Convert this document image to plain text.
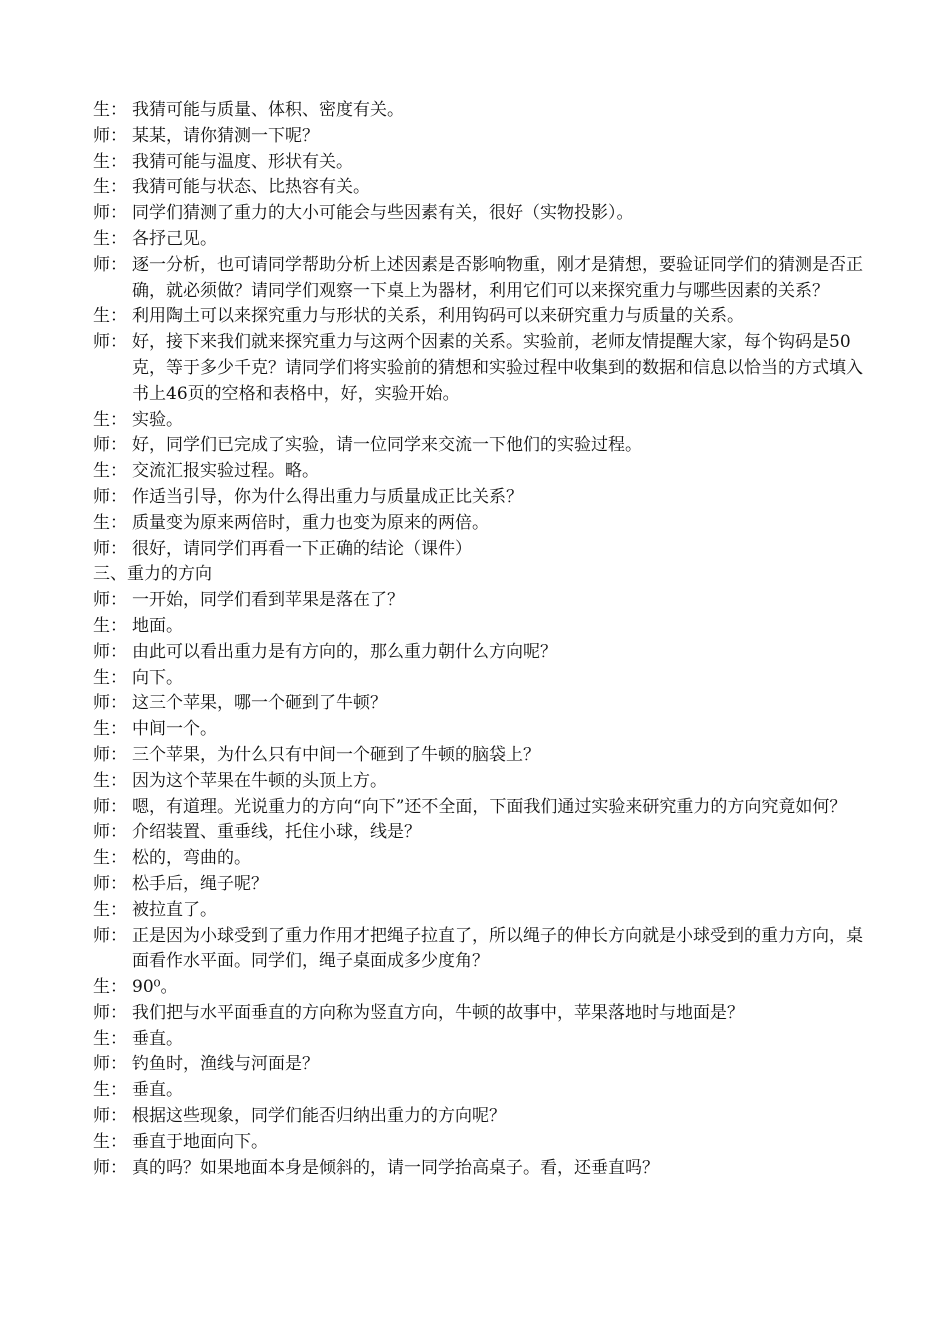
生： 我猜可能与质量、体积、密度有关。
师： 某某，请你猜测一下呢？
生： 我猜可能与温度、形状有关。
生： 我猜可能与状态、比热容有关。
师： 同学们猜测了重力的大小可能会与些因素有关，很好（实物投影）。
生： 各抒己见。
师： 逐一分析，也可请同学帮助分析上述因素是否影响物重，刚才是猜想，要验证同学们的猜测是否正确，就必须做？请同学们观察一下桌上为器材，利用它们可以来探究重力与哪些因素的关系？
生： 利用陶土可以来探究重力与形状的关系，利用钩码可以来研究重力与质量的关系。
师： 好，接下来我们就来探究重力与这两个因素的关系。实验前，老师友情提醒大家，每个钩码是50克，等于多少千克？请同学们将实验前的猜想和实验过程中收集到的数据和信息以恰当的方式填入书上46页的空格和表格中，好，实验开始。
生： 实验。
师： 好，同学们已完成了实验，请一位同学来交流一下他们的实验过程。
生： 交流汇报实验过程。略。
师： 作适当引导，你为什么得出重力与质量成正比关系？
生： 质量变为原来两倍时，重力也变为原来的两倍。
师： 很好，请同学们再看一下正确的结论（课件）
三、重力的方向
师： 一开始，同学们看到苹果是落在了？
生： 地面。
师： 由此可以看出重力是有方向的，那么重力朝什么方向呢？
生： 向下。
师： 这三个苹果，哪一个砸到了牛顿？
生： 中间一个。
师： 三个苹果，为什么只有中间一个砸到了牛顿的脑袋上？
生： 因为这个苹果在牛顿的头顶上方。
师： 嗯，有道理。光说重力的方向“向下”还不全面，下面我们通过实验来研究重力的方向究竟如何？
师： 介绍装置、重垂线，托住小球，线是？
生： 松的，弯曲的。
师： 松手后，绳子呢？
生： 被拉直了。
师： 正是因为小球受到了重力作用才把绳子拉直了，所以绳子的伸长方向就是小球受到的重力方向，桌面看作水平面。同学们，绳子桌面成多少度角？
生： 90⁰。
师： 我们把与水平面垂直的方向称为竖直方向，牛顿的故事中，苹果落地时与地面是？
生： 垂直。
师： 钓鱼时，渔线与河面是？
生： 垂直。
师： 根据这些现象，同学们能否归纳出重力的方向呢？
生： 垂直于地面向下。
师： 真的吗？如果地面本身是倾斜的，请一同学抬高桌子。看，还垂直吗？
